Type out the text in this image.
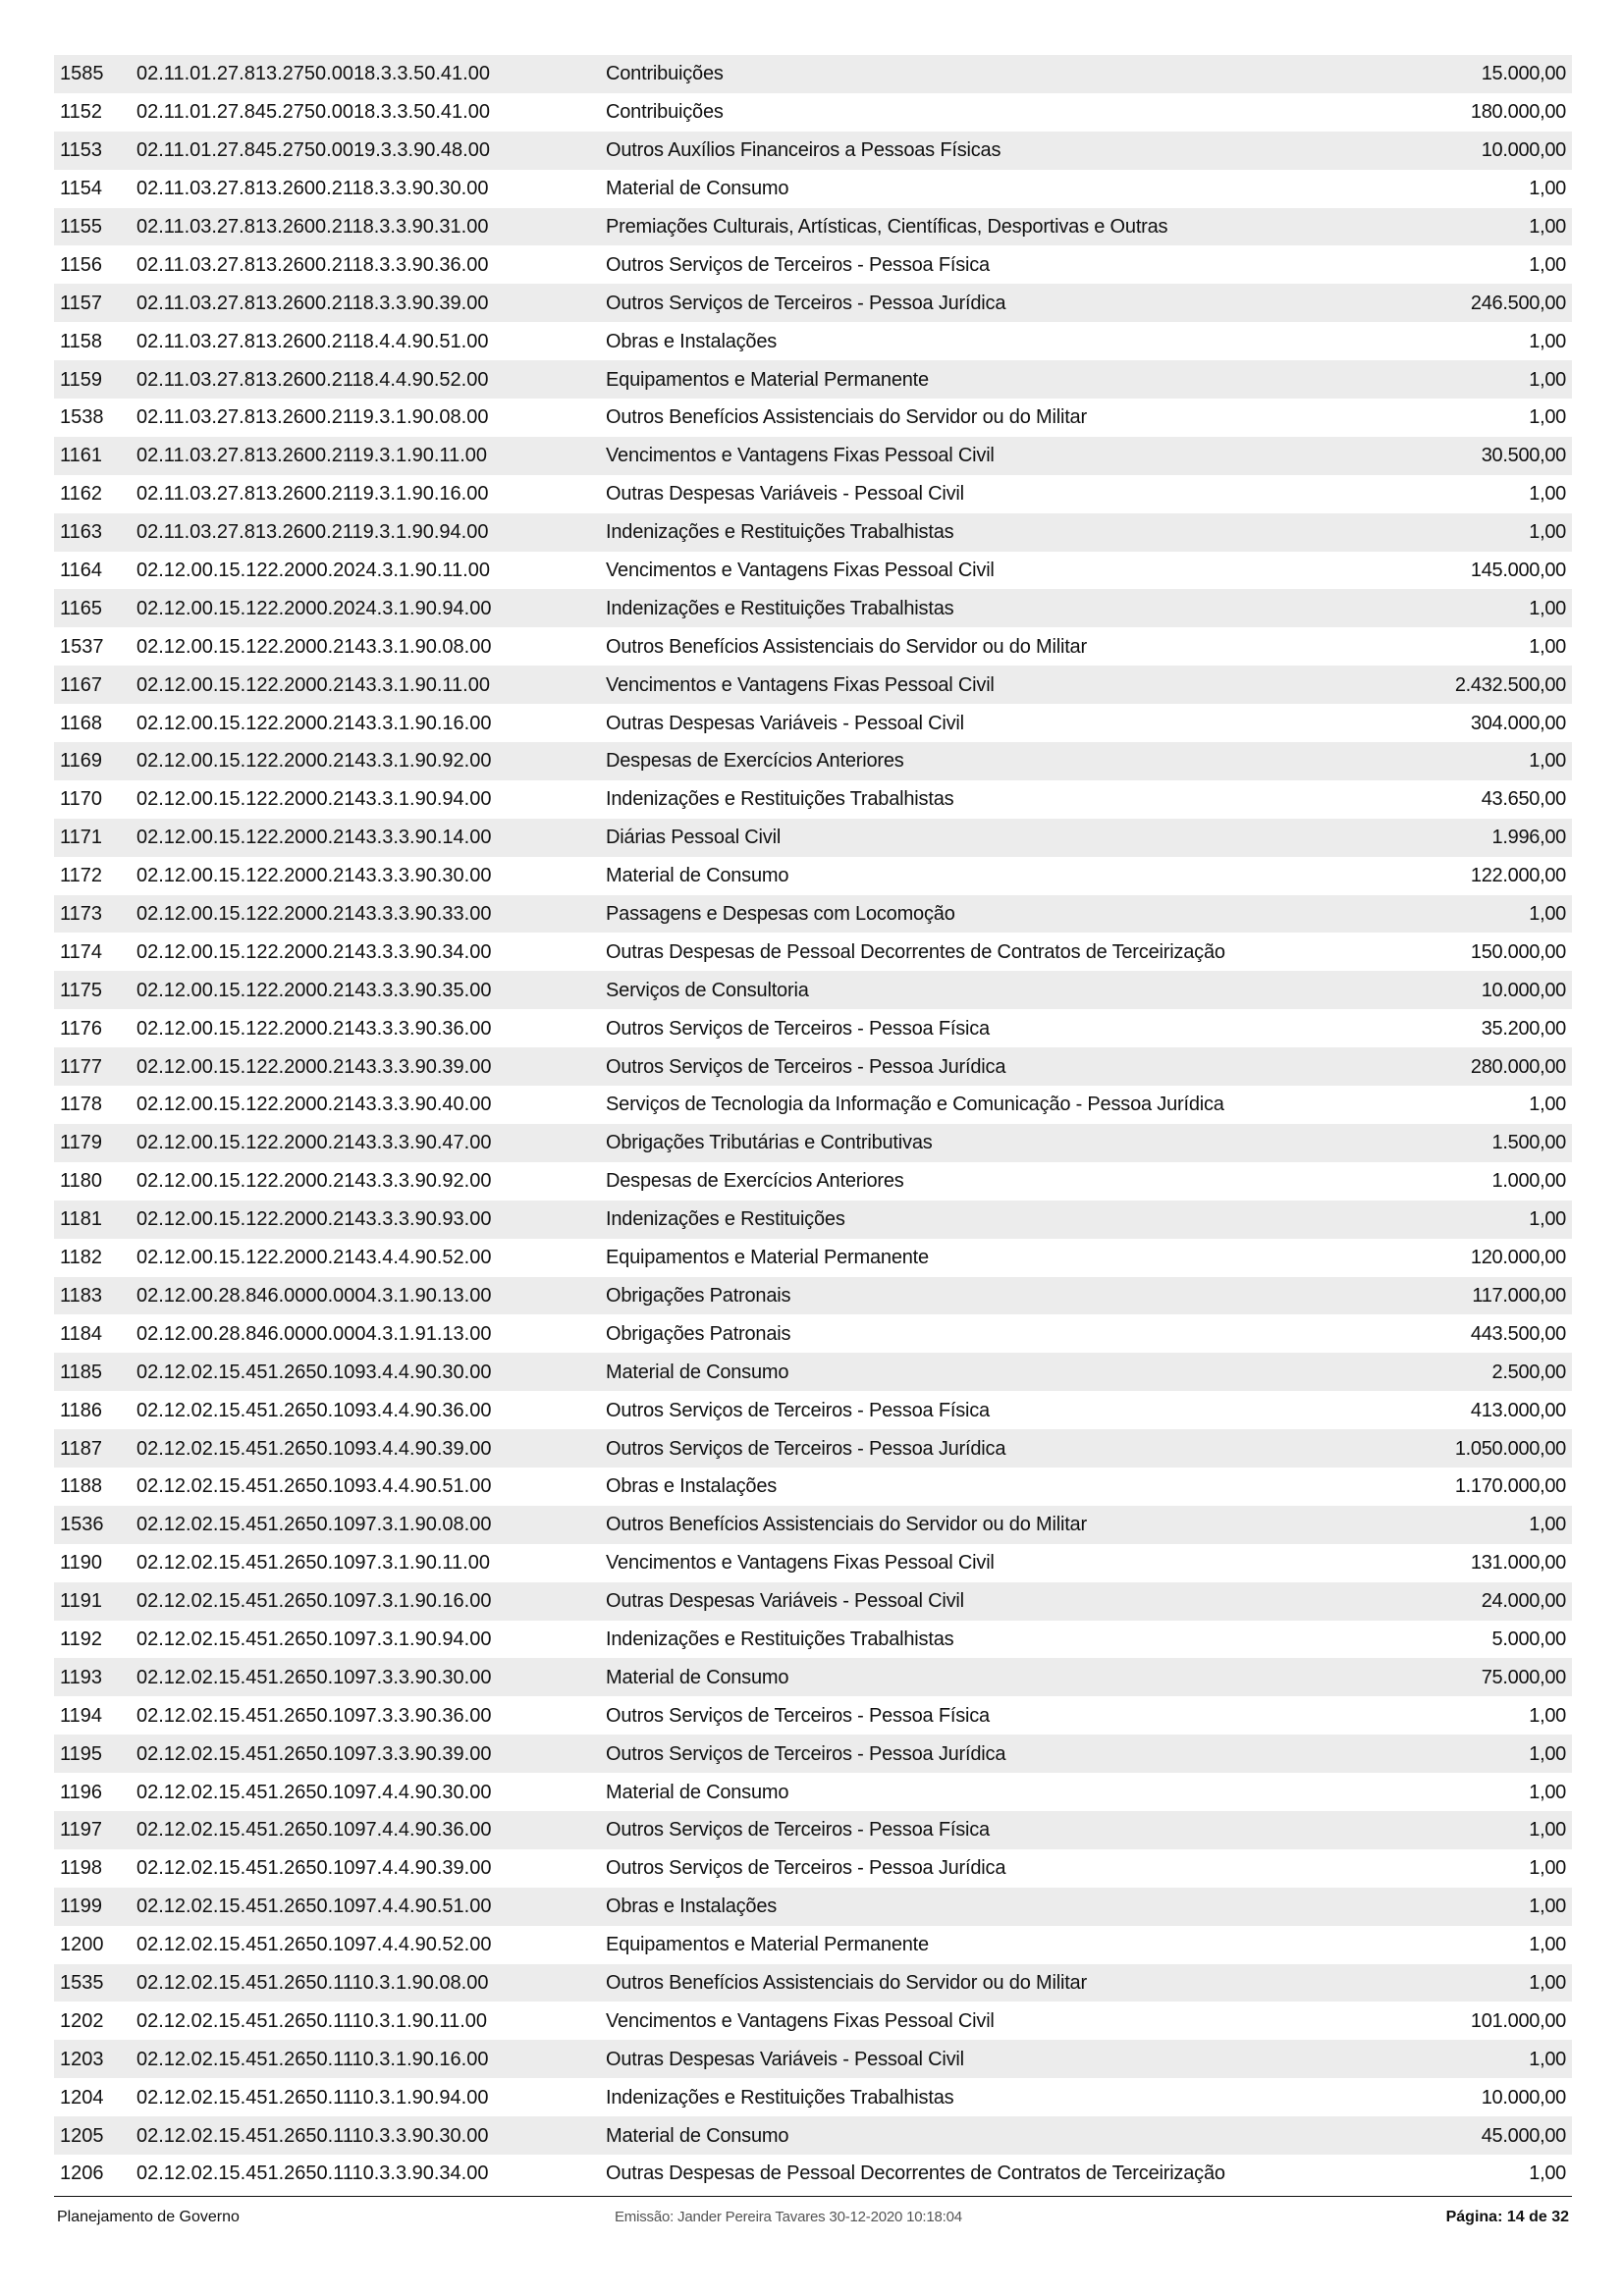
1585	02.11.01.27.813.2750.0018.3.3.50.41.00	Contribuições	15.000,00
1152	02.11.01.27.845.2750.0018.3.3.50.41.00	Contribuições	180.000,00
1153	02.11.01.27.845.2750.0019.3.3.90.48.00	Outros Auxílios Financeiros a Pessoas Físicas	10.000,00
1154	02.11.03.27.813.2600.2118.3.3.90.30.00	Material de Consumo	1,00
1155	02.11.03.27.813.2600.2118.3.3.90.31.00	Premiações Culturais, Artísticas, Científicas, Desportivas e Outras	1,00
1156	02.11.03.27.813.2600.2118.3.3.90.36.00	Outros Serviços de Terceiros - Pessoa Física	1,00
1157	02.11.03.27.813.2600.2118.3.3.90.39.00	Outros Serviços de Terceiros - Pessoa Jurídica	246.500,00
1158	02.11.03.27.813.2600.2118.4.4.90.51.00	Obras e Instalações	1,00
1159	02.11.03.27.813.2600.2118.4.4.90.52.00	Equipamentos e Material Permanente	1,00
1538	02.11.03.27.813.2600.2119.3.1.90.08.00	Outros Benefícios Assistenciais do Servidor ou do Militar	1,00
1161	02.11.03.27.813.2600.2119.3.1.90.11.00	Vencimentos e Vantagens Fixas Pessoal Civil	30.500,00
1162	02.11.03.27.813.2600.2119.3.1.90.16.00	Outras Despesas Variáveis - Pessoal Civil	1,00
1163	02.11.03.27.813.2600.2119.3.1.90.94.00	Indenizações e Restituições Trabalhistas	1,00
1164	02.12.00.15.122.2000.2024.3.1.90.11.00	Vencimentos e Vantagens Fixas Pessoal Civil	145.000,00
1165	02.12.00.15.122.2000.2024.3.1.90.94.00	Indenizações e Restituições Trabalhistas	1,00
1537	02.12.00.15.122.2000.2143.3.1.90.08.00	Outros Benefícios Assistenciais do Servidor ou do Militar	1,00
1167	02.12.00.15.122.2000.2143.3.1.90.11.00	Vencimentos e Vantagens Fixas Pessoal Civil	2.432.500,00
1168	02.12.00.15.122.2000.2143.3.1.90.16.00	Outras Despesas Variáveis - Pessoal Civil	304.000,00
1169	02.12.00.15.122.2000.2143.3.1.90.92.00	Despesas de Exercícios Anteriores	1,00
1170	02.12.00.15.122.2000.2143.3.1.90.94.00	Indenizações e Restituições Trabalhistas	43.650,00
1171	02.12.00.15.122.2000.2143.3.3.90.14.00	Diárias Pessoal Civil	1.996,00
1172	02.12.00.15.122.2000.2143.3.3.90.30.00	Material de Consumo	122.000,00
1173	02.12.00.15.122.2000.2143.3.3.90.33.00	Passagens e Despesas com Locomoção	1,00
1174	02.12.00.15.122.2000.2143.3.3.90.34.00	Outras Despesas de Pessoal Decorrentes de Contratos de Terceirização	150.000,00
1175	02.12.00.15.122.2000.2143.3.3.90.35.00	Serviços de Consultoria	10.000,00
1176	02.12.00.15.122.2000.2143.3.3.90.36.00	Outros Serviços de Terceiros - Pessoa Física	35.200,00
1177	02.12.00.15.122.2000.2143.3.3.90.39.00	Outros Serviços de Terceiros - Pessoa Jurídica	280.000,00
1178	02.12.00.15.122.2000.2143.3.3.90.40.00	Serviços de Tecnologia da Informação e Comunicação - Pessoa Jurídica	1,00
1179	02.12.00.15.122.2000.2143.3.3.90.47.00	Obrigações Tributárias e Contributivas	1.500,00
1180	02.12.00.15.122.2000.2143.3.3.90.92.00	Despesas de Exercícios Anteriores	1.000,00
1181	02.12.00.15.122.2000.2143.3.3.90.93.00	Indenizações e Restituições	1,00
1182	02.12.00.15.122.2000.2143.4.4.90.52.00	Equipamentos e Material Permanente	120.000,00
1183	02.12.00.28.846.0000.0004.3.1.90.13.00	Obrigações Patronais	117.000,00
1184	02.12.00.28.846.0000.0004.3.1.91.13.00	Obrigações Patronais	443.500,00
1185	02.12.02.15.451.2650.1093.4.4.90.30.00	Material de Consumo	2.500,00
1186	02.12.02.15.451.2650.1093.4.4.90.36.00	Outros Serviços de Terceiros - Pessoa Física	413.000,00
1187	02.12.02.15.451.2650.1093.4.4.90.39.00	Outros Serviços de Terceiros - Pessoa Jurídica	1.050.000,00
1188	02.12.02.15.451.2650.1093.4.4.90.51.00	Obras e Instalações	1.170.000,00
1536	02.12.02.15.451.2650.1097.3.1.90.08.00	Outros Benefícios Assistenciais do Servidor ou do Militar	1,00
1190	02.12.02.15.451.2650.1097.3.1.90.11.00	Vencimentos e Vantagens Fixas Pessoal Civil	131.000,00
1191	02.12.02.15.451.2650.1097.3.1.90.16.00	Outras Despesas Variáveis - Pessoal Civil	24.000,00
1192	02.12.02.15.451.2650.1097.3.1.90.94.00	Indenizações e Restituições Trabalhistas	5.000,00
1193	02.12.02.15.451.2650.1097.3.3.90.30.00	Material de Consumo	75.000,00
1194	02.12.02.15.451.2650.1097.3.3.90.36.00	Outros Serviços de Terceiros - Pessoa Física	1,00
1195	02.12.02.15.451.2650.1097.3.3.90.39.00	Outros Serviços de Terceiros - Pessoa Jurídica	1,00
1196	02.12.02.15.451.2650.1097.4.4.90.30.00	Material de Consumo	1,00
1197	02.12.02.15.451.2650.1097.4.4.90.36.00	Outros Serviços de Terceiros - Pessoa Física	1,00
1198	02.12.02.15.451.2650.1097.4.4.90.39.00	Outros Serviços de Terceiros - Pessoa Jurídica	1,00
1199	02.12.02.15.451.2650.1097.4.4.90.51.00	Obras e Instalações	1,00
1200	02.12.02.15.451.2650.1097.4.4.90.52.00	Equipamentos e Material Permanente	1,00
1535	02.12.02.15.451.2650.1110.3.1.90.08.00	Outros Benefícios Assistenciais do Servidor ou do Militar	1,00
1202	02.12.02.15.451.2650.1110.3.1.90.11.00	Vencimentos e Vantagens Fixas Pessoal Civil	101.000,00
1203	02.12.02.15.451.2650.1110.3.1.90.16.00	Outras Despesas Variáveis - Pessoal Civil	1,00
1204	02.12.02.15.451.2650.1110.3.1.90.94.00	Indenizações e Restituições Trabalhistas	10.000,00
1205	02.12.02.15.451.2650.1110.3.3.90.30.00	Material de Consumo	45.000,00
1206	02.12.02.15.451.2650.1110.3.3.90.34.00	Outras Despesas de Pessoal Decorrentes de Contratos de Terceirização	1,00
Planejamento de Governo	Emissão: Jander Pereira Tavares 30-12-2020 10:18:04	Página: 14 de 32
